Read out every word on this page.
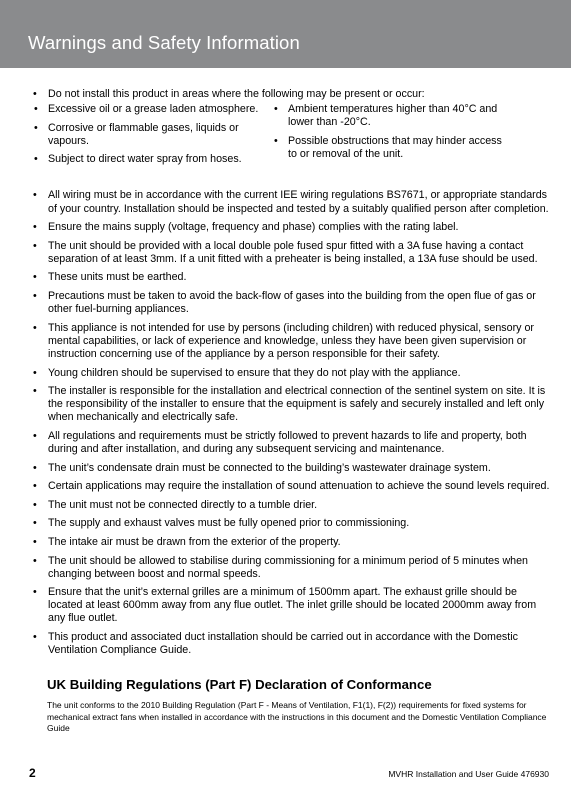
Warnings and Safety Information
• Do not install this product in areas where the following may be present or occur:
• Excessive oil or a grease laden atmosphere.
• Corrosive or flammable gases, liquids or vapours.
• Subject to direct water spray from hoses.
• Ambient temperatures higher than 40°C and lower than -20°C.
• Possible obstructions that may hinder access to or removal of the unit.
• All wiring must be in accordance with the current IEE wiring regulations BS7671, or appropriate standards of your country. Installation should be inspected and tested by a suitably qualified person after completion.
• Ensure the mains supply (voltage, frequency and phase) complies with the rating label.
• The unit should be provided with a local double pole fused spur fitted with a 3A fuse having a contact separation of at least 3mm. If a unit fitted with a preheater is being installed, a 13A fuse should be used.
• These units must be earthed.
• Precautions must be taken to avoid the back-flow of gases into the building from the open flue of gas or other fuel-burning appliances.
• This appliance is not intended for use by persons (including children) with reduced physical, sensory or mental capabilities, or lack of experience and knowledge, unless they have been given supervision or instruction concerning use of the appliance by a person responsible for their safety.
• Young children should be supervised to ensure that they do not play with the appliance.
• The installer is responsible for the installation and electrical connection of the sentinel system on site. It is the responsibility of the installer to ensure that the equipment is safely and securely installed and left only when mechanically and electrically safe.
• All regulations and requirements must be strictly followed to prevent hazards to life and property, both during and after installation, and during any subsequent servicing and maintenance.
• The unit’s condensate drain must be connected to the building’s wastewater drainage system.
• Certain applications may require the installation of sound attenuation to achieve the sound levels required.
• The unit must not be connected directly to a tumble drier.
• The supply and exhaust valves must be fully opened prior to commissioning.
• The intake air must be drawn from the exterior of the property.
• The unit should be allowed to stabilise during commissioning for a minimum period of 5 minutes when changing between boost and normal speeds.
• Ensure that the unit’s external grilles are a minimum of 1500mm apart. The exhaust grille should be located at least 600mm away from any flue outlet. The inlet grille should be located 2000mm away from any flue outlet.
• This product and associated duct installation should be carried out in accordance with the Domestic Ventilation Compliance Guide.
UK Building Regulations (Part F) Declaration of Conformance

The unit conforms to the 2010 Building Regulation (Part F - Means of Ventilation, F1(1), F(2)) requirements for fixed systems for mechanical extract fans when installed in accordance with the instructions in this document and the Domestic Ventilation Compliance Guide

2	MVHR Installation and User Guide 476930
